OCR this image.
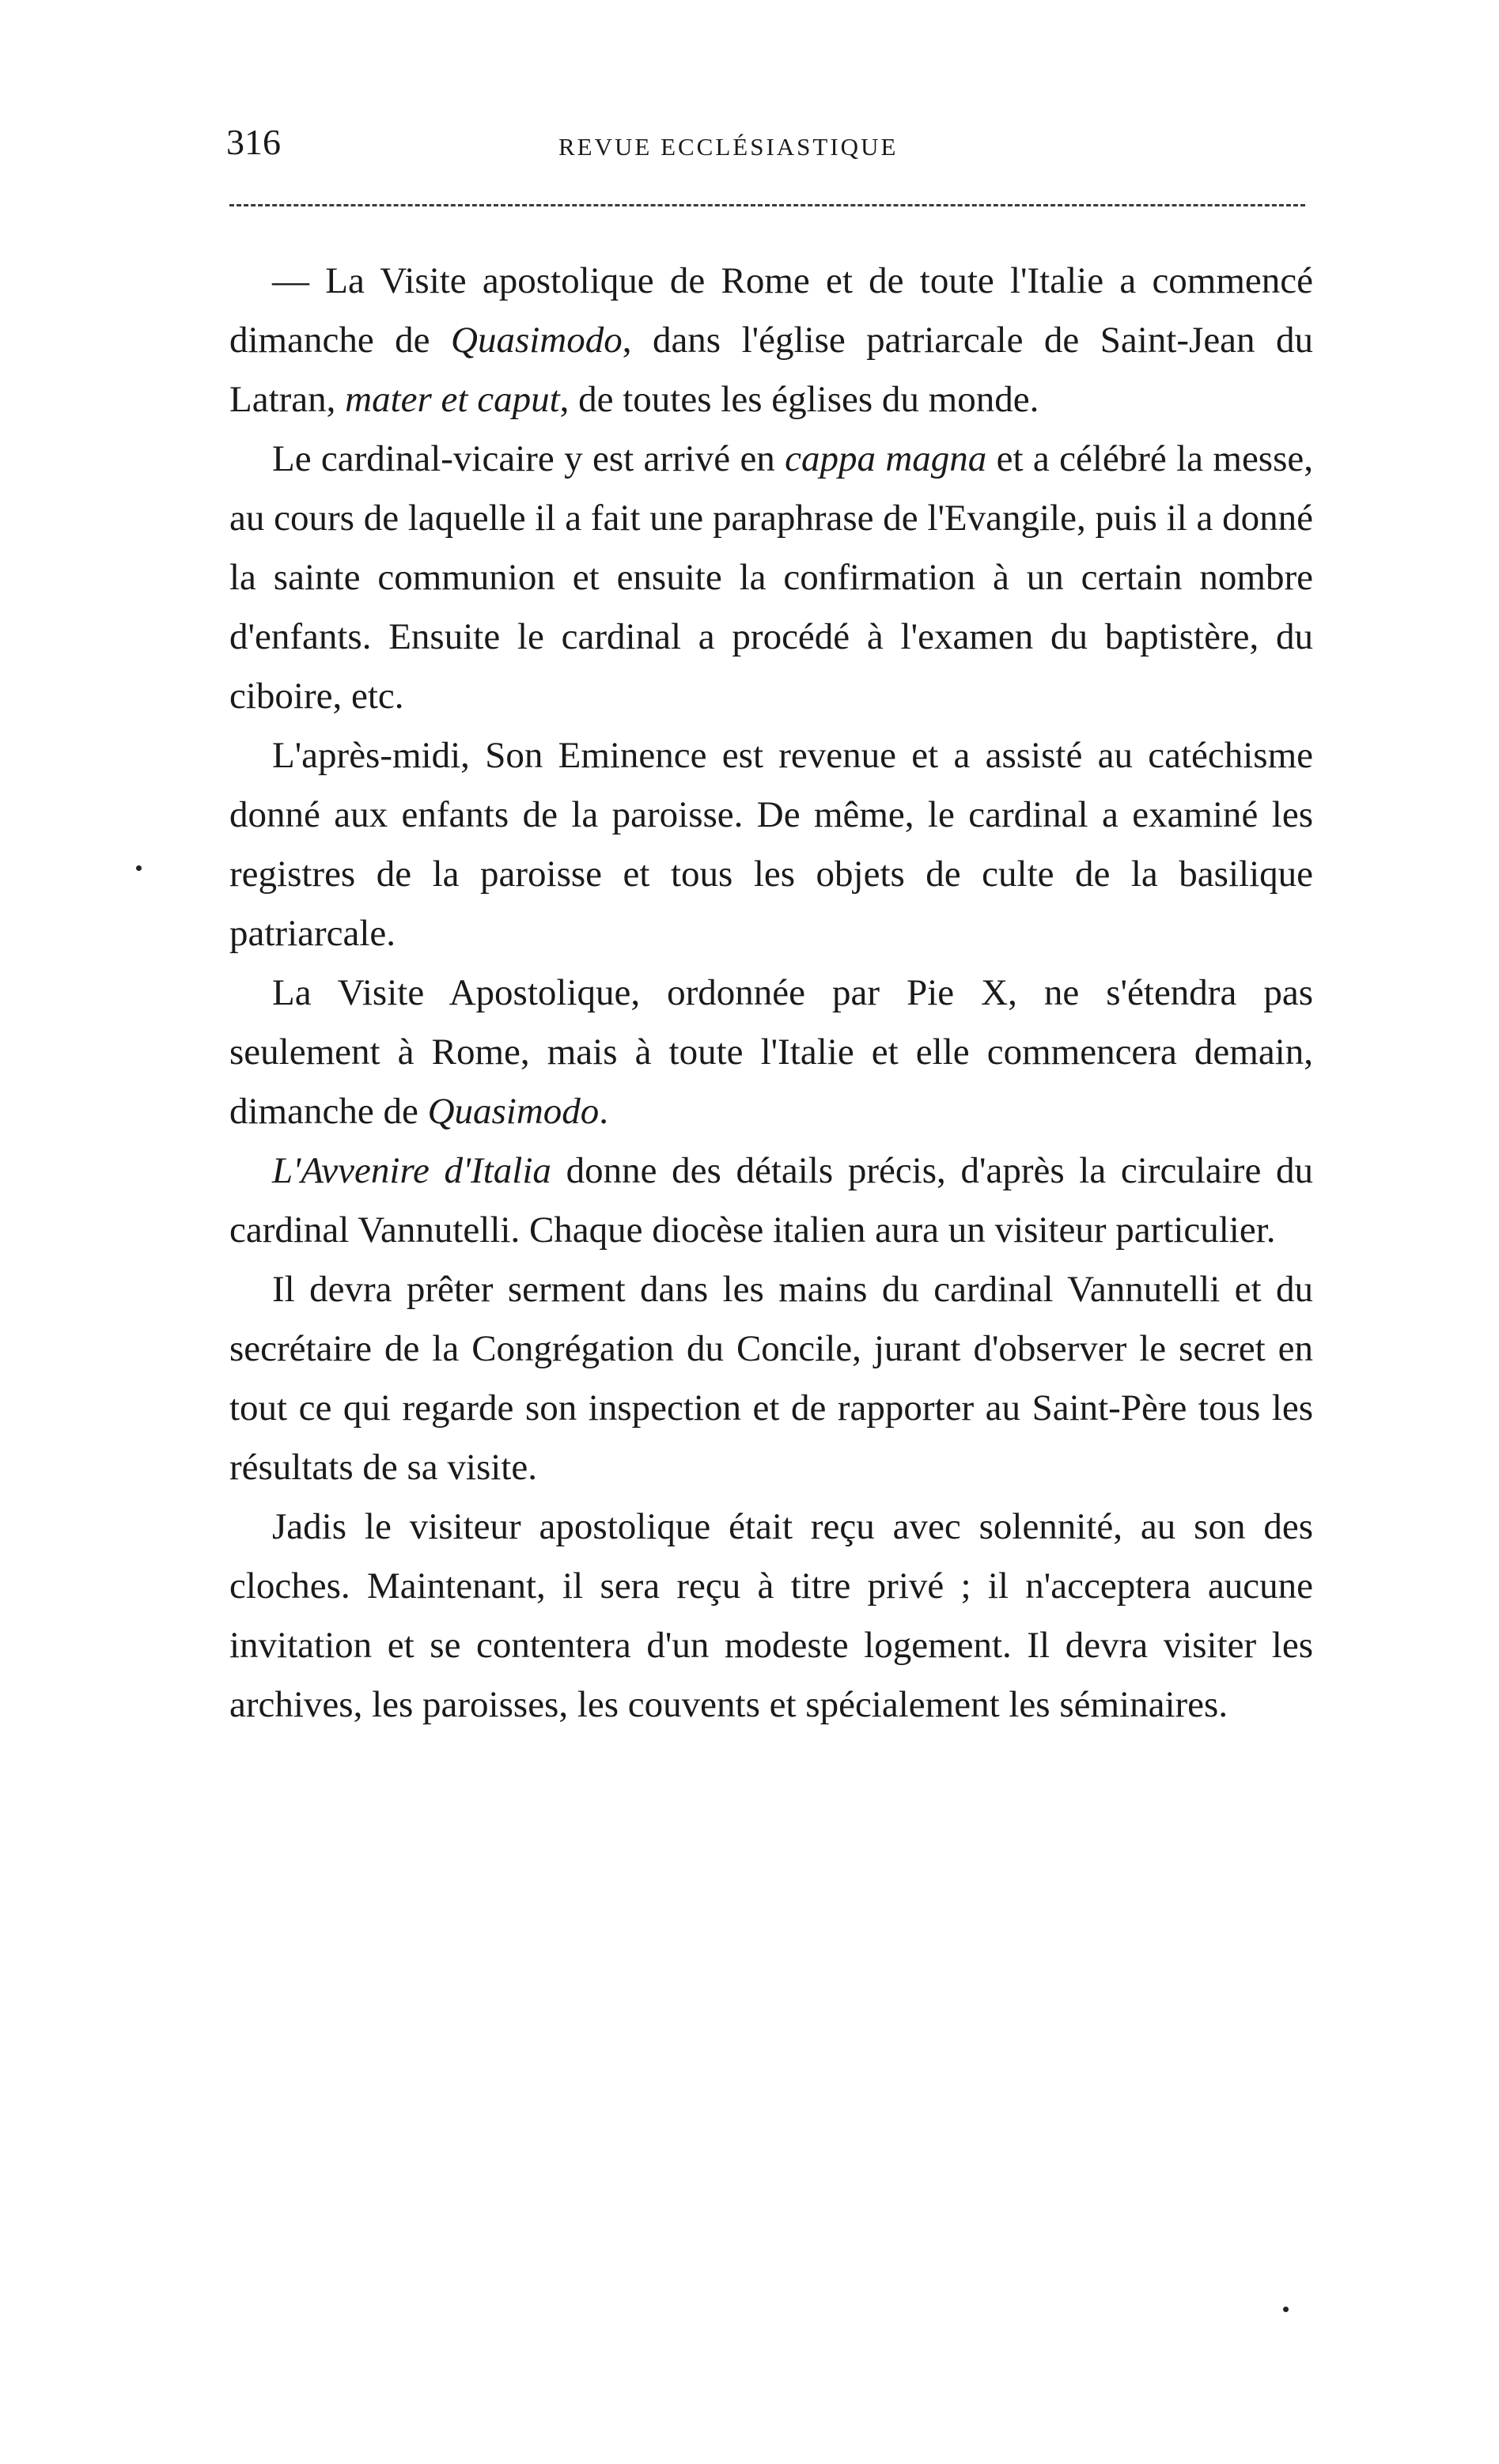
316	REVUE ECCLÉSIASTIQUE

— La Visite apostolique de Rome et de toute l'Italie a commencé dimanche de Quasimodo, dans l'église patriarcale de Saint-Jean du Latran, mater et caput, de toutes les églises du monde.

Le cardinal-vicaire y est arrivé en cappa magna et a célébré la messe, au cours de laquelle il a fait une paraphrase de l'Evangile, puis il a donné la sainte communion et ensuite la confirmation à un certain nombre d'enfants. Ensuite le cardinal a procédé à l'examen du baptistère, du ciboire, etc.

L'après-midi, Son Eminence est revenue et a assisté au catéchisme donné aux enfants de la paroisse. De même, le cardinal a examiné les registres de la paroisse et tous les objets de culte de la basilique patriarcale.

La Visite Apostolique, ordonnée par Pie X, ne s'étendra pas seulement à Rome, mais à toute l'Italie et elle commencera demain, dimanche de Quasimodo.

L'Avvenire d'Italia donne des détails précis, d'après la circulaire du cardinal Vannutelli. Chaque diocèse italien aura un visiteur particulier.

Il devra prêter serment dans les mains du cardinal Vannutelli et du secrétaire de la Congrégation du Concile, jurant d'observer le secret en tout ce qui regarde son inspection et de rapporter au Saint-Père tous les résultats de sa visite.

Jadis le visiteur apostolique était reçu avec solennité, au son des cloches. Maintenant, il sera reçu à titre privé ; il n'acceptera aucune invitation et se contentera d'un modeste logement. Il devra visiter les archives, les paroisses, les couvents et spécialement les séminaires.
